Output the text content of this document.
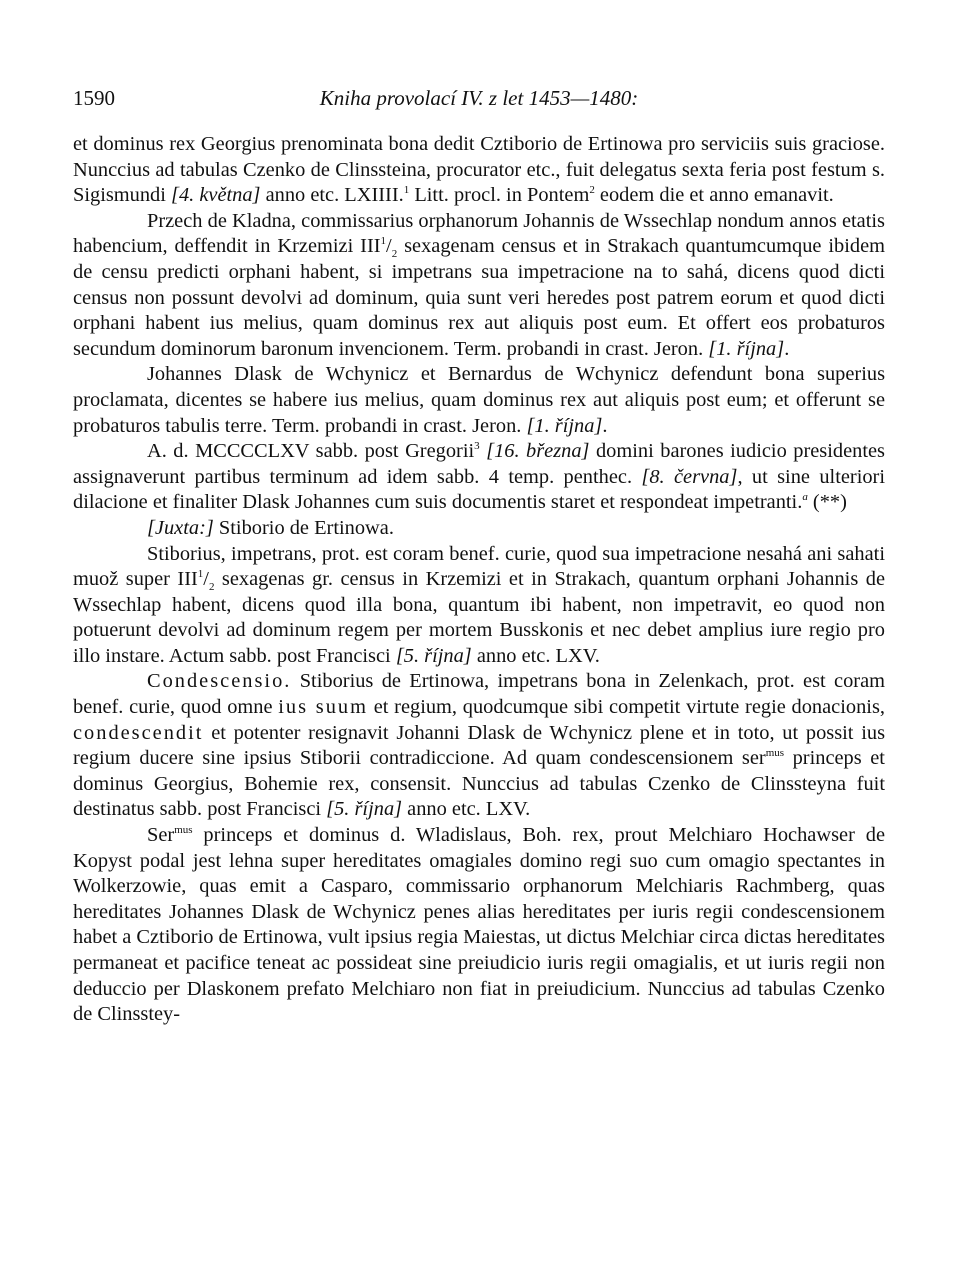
1590	Kniha provolací IV. z let 1453—1480:

et dominus rex Georgius prenominata bona dedit Cztiborio de Ertinowa pro serviciis suis graciose. Nunccius ad tabulas Czenko de Clinssteina, procurator etc., fuit delegatus sexta feria post festum s. Sigismundi [4. května] anno etc. LXIIII.$^1$ Litt. procl. in Pontem$^2$ eodem die et anno emanavit.

Przech de Kladna, commissarius orphanorum Johannis de Wssechlap nondum annos etatis habencium, deffendit in Krzemizi $III^1/_2$ sexagenam census et in Strakach quantumcumque ibidem de censu predicti orphani habent, si impetrans sua impetracione na to sahá, dicens quod dicti census non possunt devolvi ad dominum, quia sunt veri heredes post patrem eorum et quod dicti orphani habent ius melius, quam dominus rex aut aliquis post eum. Et offert eos probaturos secundum dominorum baronum invencionem. Term. probandi in crast. Jeron. [1. října].

Johannes Dlask de Wchynicz et Bernardus de Wchynicz defendunt bona superius proclamata, dicentes se habere ius melius, quam dominus rex aut aliquis post eum; et offerunt se probaturos tabulis terre. Term. probandi in crast. Jeron. [1. října].

A. d. MCCCCLXV sabb. post Gregorii$^3$ [16. března] domini barones iudicio presidentes assignaverunt partibus terminum ad idem sabb. 4 temp. penthec. [8. června], ut sine ulteriori dilacione et finaliter Dlask Johannes cum suis documentis staret et respondeat impetranti.$^a$ (**)

[Juxta:] Stiborio de Ertinowa.

Stiborius, impetrans, prot. est coram benef. curie, quod sua impetracione nesahá ani sahati muož super $III^1/_2$ sexagenas gr. census in Krzemizi et in Strakach, quantum orphani Johannis de Wssechlap habent, dicens quod illa bona, quantum ibi habent, non impetravit, eo quod non potuerunt devolvi ad dominum regem per mortem Busskonis et nec debet amplius iure regio pro illo instare. Actum sabb. post Francisci [5. října] anno etc. LXV.

Condescensio. Stiborius de Ertinowa, impetrans bona in Zelenkach, prot. est coram benef. curie, quod omne ius suum et regium, quodcumque sibi competit virtute regie donacionis, condescendit et potenter resignavit Johanni Dlask de Wchynicz plene et in toto, ut possit ius regium ducere sine ipsius Stiborii contradiccione. Ad quam condescensionem ser$^{mus}$ princeps et dominus Georgius, Bohemie rex, consensit. Nunccius ad tabulas Czenko de Clinssteyna fuit destinatus sabb. post Francisci [5. října] anno etc. LXV.

Ser$^{mus}$ princeps et dominus d. Wladislaus, Boh. rex, prout Melchiaro Hochawser de Kopyst podal jest lehna super hereditates omagiales domino regi suo cum omagio spectantes in Wolkerzowie, quas emit a Casparo, commissario orphanorum Melchiaris Rachmberg, quas hereditates Johannes Dlask de Wchynicz penes alias hereditates per iuris regii condescensionem habet a Cztiborio de Ertinowa, vult ipsius regia Maiestas, ut dictus Melchiar circa dictas hereditates permaneat et pacifice teneat ac possideat sine preiudicio iuris regii omagialis, et ut iuris regii non deduccio per Dlaskonem prefato Melchiaro non fiat in preiudicium. Nunccius ad tabulas Czenko de Clinsstey-
